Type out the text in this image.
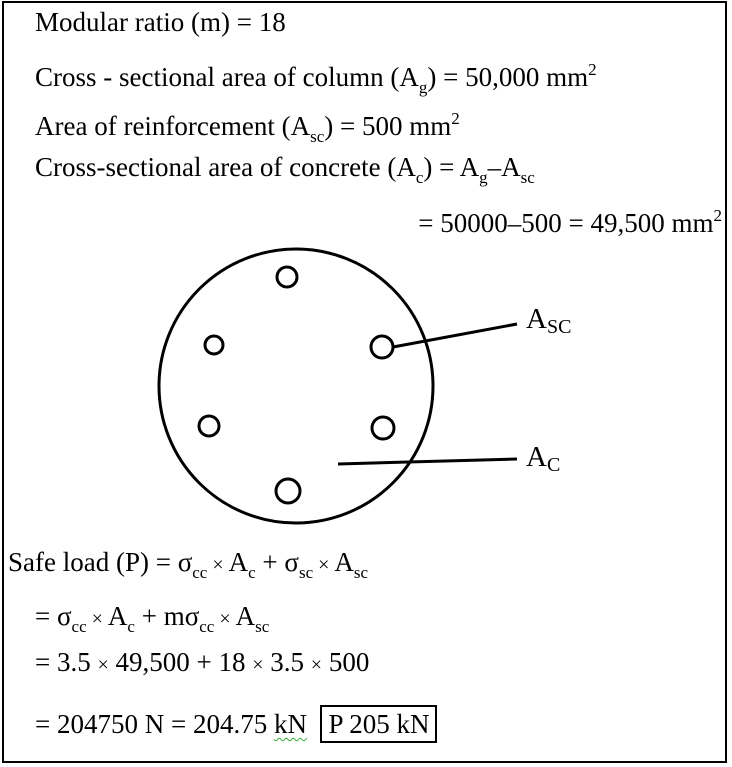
Modular ratio (m) = 18
Cross - sectional area of column $(A_g) = 50,000$ $mm^2$
Area of reinforcement $(A_{sc}) = 500$ $mm^2$
Cross-sectional area of concrete $(A_c) = A_g-A_{sc}$
= 50000–500 = 49,500 $mm^2$
$A_{SC}$
$A_C$
Safe load $(P) = \sigma_{cc} \times A_c + \sigma_{sc} \times A_{sc}$
= $\sigma_{cc} \times A_c + m\sigma_{cc} \times A_{sc}$
= 3.5 × 49,500 + 18 × 3.5 × 500
= 204750 N = 204.75 kN P 205 kN
